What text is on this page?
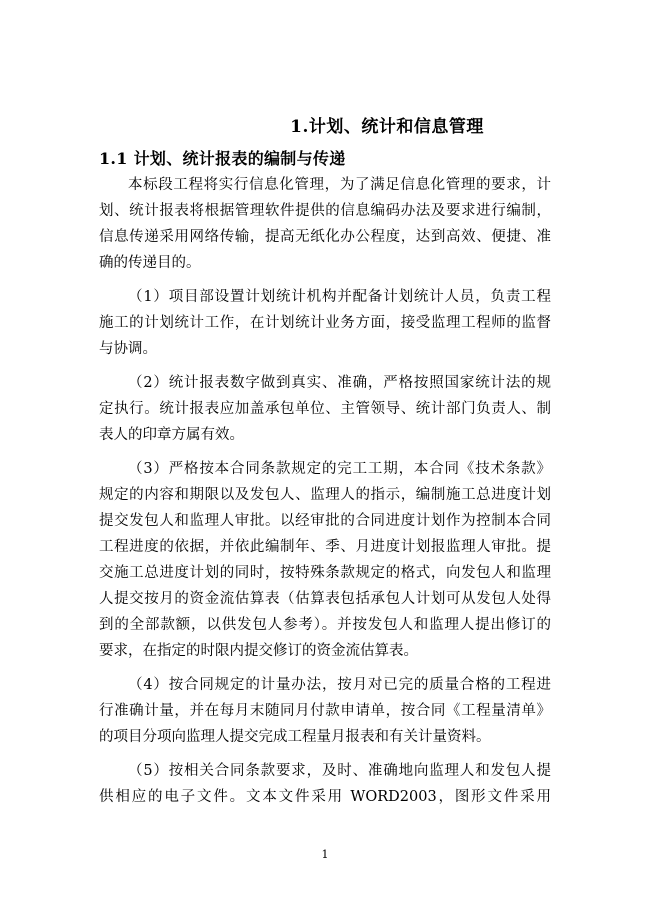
1.计划、统计和信息管理
1.1 计划、统计报表的编制与传递
本标段工程将实行信息化管理，为了满足信息化管理的要求，计
划、统计报表将根据管理软件提供的信息编码办法及要求进行编制，
信息传递采用网络传输，提高无纸化办公程度，达到高效、便捷、准
确的传递目的。
（1）项目部设置计划统计机构并配备计划统计人员，负责工程
施工的计划统计工作，在计划统计业务方面，接受监理工程师的监督
与协调。
（2）统计报表数字做到真实、准确，严格按照国家统计法的规
定执行。统计报表应加盖承包单位、主管领导、统计部门负责人、制
表人的印章方属有效。
（3）严格按本合同条款规定的完工工期，本合同《技术条款》
规定的内容和期限以及发包人、监理人的指示，编制施工总进度计划
提交发包人和监理人审批。以经审批的合同进度计划作为控制本合同
工程进度的依据，并依此编制年、季、月进度计划报监理人审批。提
交施工总进度计划的同时，按特殊条款规定的格式，向发包人和监理
人提交按月的资金流估算表（估算表包括承包人计划可从发包人处得
到的全部款额，以供发包人参考）。并按发包人和监理人提出修订的
要求，在指定的时限内提交修订的资金流估算表。
（4）按合同规定的计量办法，按月对已完的质量合格的工程进
行准确计量，并在每月末随同月付款申请单，按合同《工程量清单》
的项目分项向监理人提交完成工程量月报表和有关计量资料。
（5）按相关合同条款要求，及时、准确地向监理人和发包人提
供相应的电子文件。文本文件采用 WORD2003，图形文件采用
1
